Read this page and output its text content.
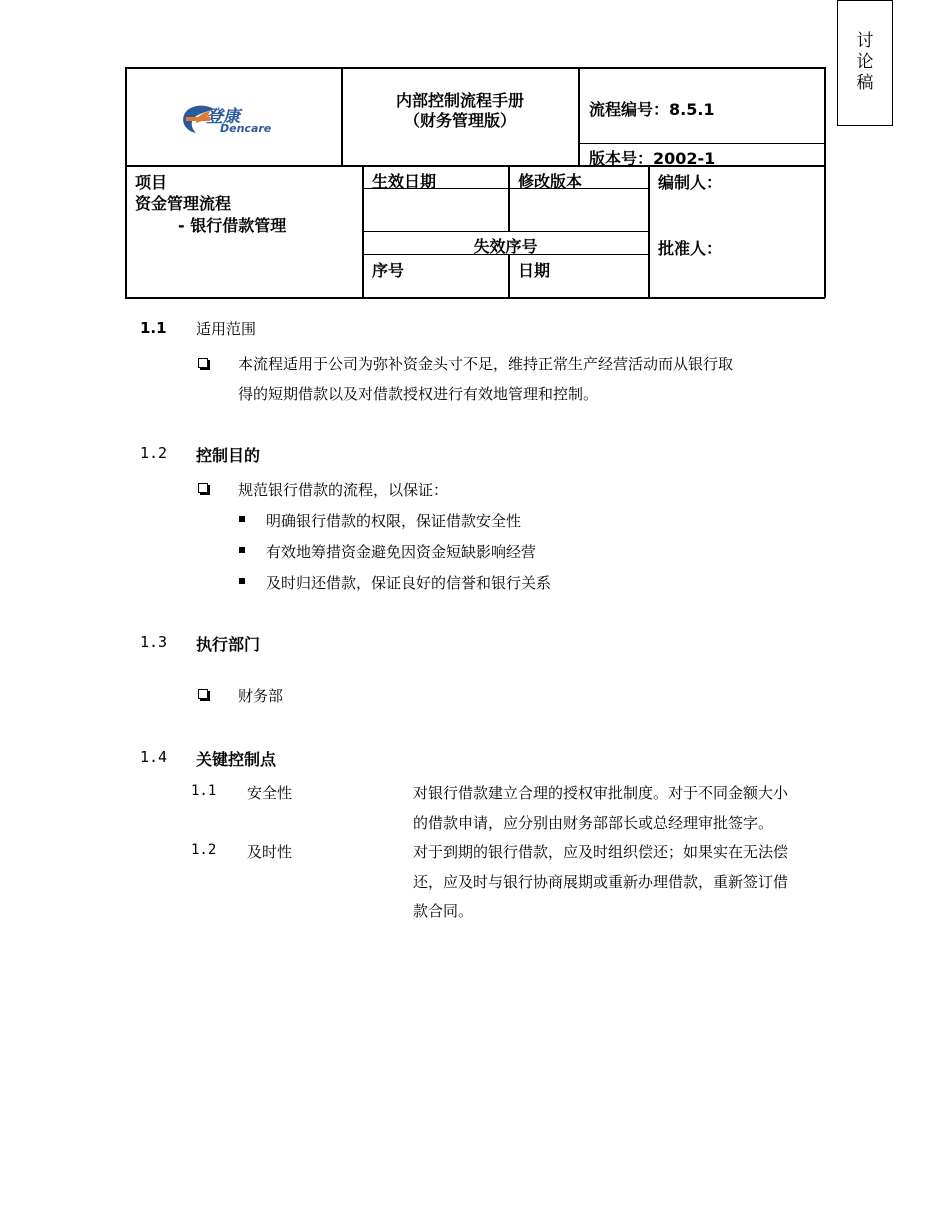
讨
论
稿
登康
Dencare
内部控制流程手册
（财务管理版）
流程编号：8.5.1
版本号：2002-1
项目
资金管理流程
- 银行借款管理
生效日期	修改版本
失效序号
序号	日期
编制人：
批准人：
1.1 适用范围
本流程适用于公司为弥补资金头寸不足，维持正常生产经营活动而从银行取
得的短期借款以及对借款授权进行有效地管理和控制。
1.2 控制目的
规范银行借款的流程，以保证：
明确银行借款的权限，保证借款安全性
有效地筹措资金避免因资金短缺影响经营
及时归还借款，保证良好的信誉和银行关系
1.3 执行部门
财务部
1.4 关键控制点
1.1 安全性	对银行借款建立合理的授权审批制度。对于不同金额大小
的借款申请，应分别由财务部部长或总经理审批签字。
1.2 及时性	对于到期的银行借款，应及时组织偿还；如果实在无法偿
还，应及时与银行协商展期或重新办理借款，重新签订借
款合同。
